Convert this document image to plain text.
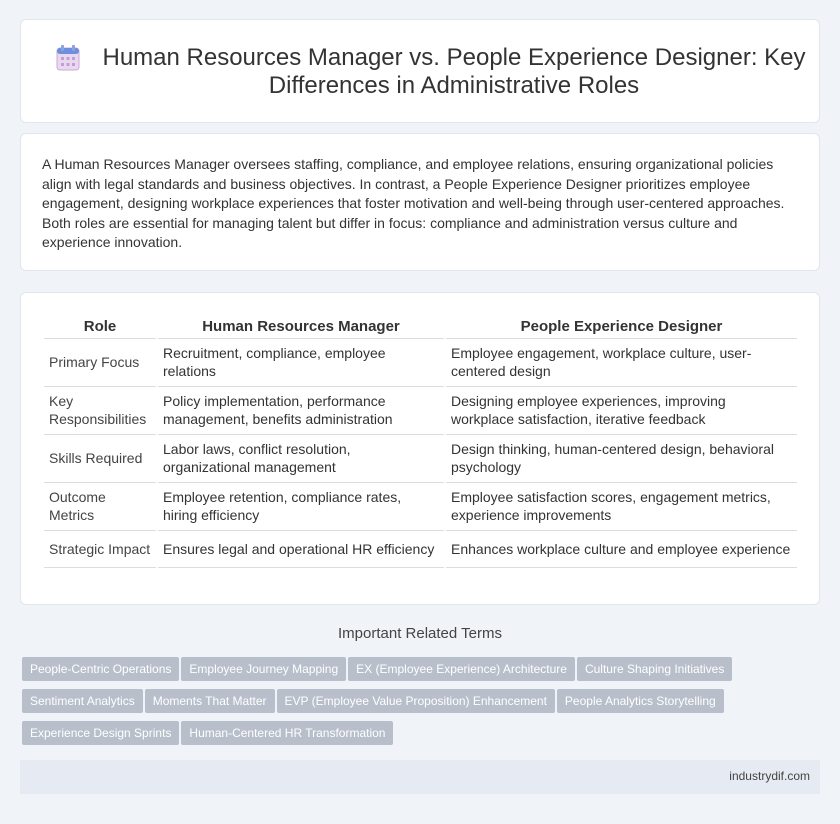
Human Resources Manager vs. People Experience Designer: Key Differences in Administrative Roles

A Human Resources Manager oversees staffing, compliance, and employee relations, ensuring organizational policies align with legal standards and business objectives. In contrast, a People Experience Designer prioritizes employee engagement, designing workplace experiences that foster motivation and well-being through user-centered approaches. Both roles are essential for managing talent but differ in focus: compliance and administration versus culture and experience innovation.

Role	Human Resources Manager	People Experience Designer
Primary Focus	Recruitment, compliance, employee relations	Employee engagement, workplace culture, user-centered design
Key Responsibilities	Policy implementation, performance management, benefits administration	Designing employee experiences, improving workplace satisfaction, iterative feedback
Skills Required	Labor laws, conflict resolution, organizational management	Design thinking, human-centered design, behavioral psychology
Outcome Metrics	Employee retention, compliance rates, hiring efficiency	Employee satisfaction scores, engagement metrics, experience improvements
Strategic Impact	Ensures legal and operational HR efficiency	Enhances workplace culture and employee experience
Important Related Terms
People-Centric Operations Employee Journey Mapping EX (Employee Experience) Architecture Culture Shaping Initiatives
Sentiment Analytics Moments That Matter EVP (Employee Value Proposition) Enhancement People Analytics Storytelling
Experience Design Sprints Human-Centered HR Transformation
industrydif.com
